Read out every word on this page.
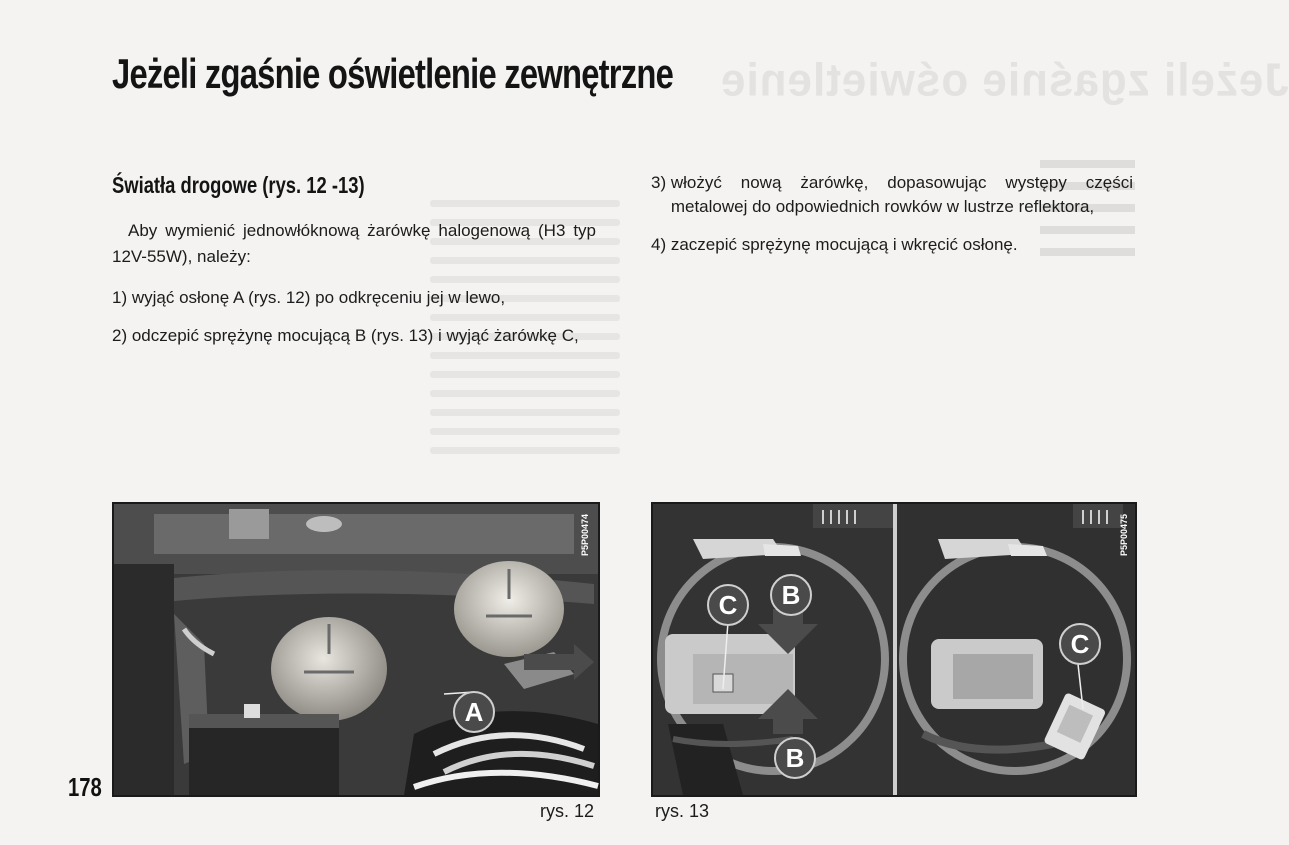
Jeżeli zgaśnie oświetlenie
Jeżeli zgaśnie oświetlenie zewnętrzne
Światła drogowe (rys. 12 -13)

Aby wymienić jednowłóknową żarówkę halogenową (H3 typ 12V-55W), należy:

1) wyjąć osłonę A (rys. 12) po odkręceniu jej w lewo,
2) odczepić sprężynę mocującą B (rys. 13) i wyjąć żarówkę C,
3) włożyć nową żarówkę, dopasowując występy części metalowej do odpowiednich rowków w lustrze reflektora,
4) zaczepić sprężynę mocującą i wkręcić osłonę.
A
P5P00474
C B
B
C
P5P00475
178
rys. 12	rys. 13
